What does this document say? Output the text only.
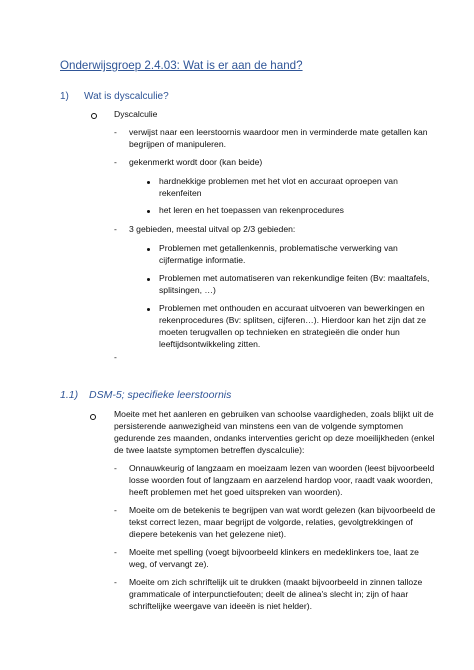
Onderwijsgroep 2.4.03: Wat is er aan de hand?
1) Wat is dyscalculie?
Dyscalculie
- verwijst naar een leerstoornis waardoor men in verminderde mate getallen kan
begrijpen of manipuleren.
- gekenmerkt wordt door (kan beide)
hardnekkige problemen met het vlot en accuraat oproepen van
rekenfeiten
het leren en het toepassen van rekenprocedures
- 3 gebieden, meestal uitval op 2/3 gebieden:
Problemen met getallenkennis, problematische verwerking van
cijfermatige informatie.
Problemen met automatiseren van rekenkundige feiten (Bv: maaltafels,
splitsingen, …)
Problemen met onthouden en accuraat uitvoeren van bewerkingen en
rekenprocedures (Bv: splitsen, cijferen…). Hierdoor kan het zijn dat ze
moeten terugvallen op technieken en strategieën die onder hun
leeftijdsontwikkeling zitten.
-
1.1) DSM-5; specifieke leerstoornis
Moeite met het aanleren en gebruiken van schoolse vaardigheden, zoals blijkt uit de
persisterende aanwezigheid van minstens een van de volgende symptomen
gedurende zes maanden, ondanks interventies gericht op deze moeilijkheden (enkel
de twee laatste symptomen betreffen dyscalculie):
- Onnauwkeurig of langzaam en moeizaam lezen van woorden (leest bijvoorbeeld
losse woorden fout of langzaam en aarzelend hardop voor, raadt vaak woorden,
heeft problemen met het goed uitspreken van woorden).
- Moeite om de betekenis te begrijpen van wat wordt gelezen (kan bijvoorbeeld de
tekst correct lezen, maar begrijpt de volgorde, relaties, gevolgtrekkingen of
diepere betekenis van het gelezene niet).
- Moeite met spelling (voegt bijvoorbeeld klinkers en medeklinkers toe, laat ze
weg, of vervangt ze).
- Moeite om zich schriftelijk uit te drukken (maakt bijvoorbeeld in zinnen talloze
grammaticale of interpunctiefouten; deelt de alinea's slecht in; zijn of haar
schriftelijke weergave van ideeën is niet helder).
